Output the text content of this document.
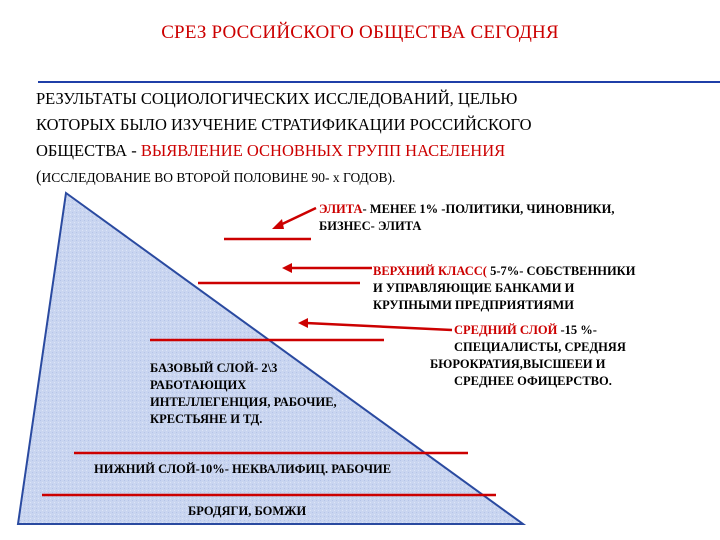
СРЕЗ РОССИЙСКОГО ОБЩЕСТВА СЕГОДНЯ
РЕЗУЛЬТАТЫ СОЦИОЛОГИЧЕСКИХ ИССЛЕДОВАНИЙ, ЦЕЛЬЮ
КОТОРЫХ БЫЛО ИЗУЧЕНИЕ СТРАТИФИКАЦИИ РОССИЙСКОГО
ОБЩЕСТВА - ВЫЯВЛЕНИЕ ОСНОВНЫХ ГРУПП НАСЕЛЕНИЯ
(ИССЛЕДОВАНИЕ ВО ВТОРОЙ ПОЛОВИНЕ 90- х ГОДОВ).
ЭЛИТА- МЕНЕЕ 1% -ПОЛИТИКИ, ЧИНОВНИКИ,
БИЗНЕС- ЭЛИТА
ВЕРХНИЙ КЛАСС( 5-7%- СОБСТВЕННИКИ
И УПРАВЛЯЮЩИЕ БАНКАМИ И
КРУПНЫМИ ПРЕДПРИЯТИЯМИ
СРЕДНИЙ СЛОЙ -15 %-
СПЕЦИАЛИСТЫ, СРЕДНЯЯ
БЮРОКРАТИЯ,ВЫСШЕЕИ И
СРЕДНЕЕ ОФИЦЕРСТВО.
БАЗОВЫЙ СЛОЙ- 2\3
РАБОТАЮЩИХ
ИНТЕЛЛЕГЕНЦИЯ, РАБОЧИЕ,
КРЕСТЬЯНЕ И ТД.
НИЖНИЙ СЛОЙ-10%- НЕКВАЛИФИЦ. РАБОЧИЕ
БРОДЯГИ, БОМЖИ
